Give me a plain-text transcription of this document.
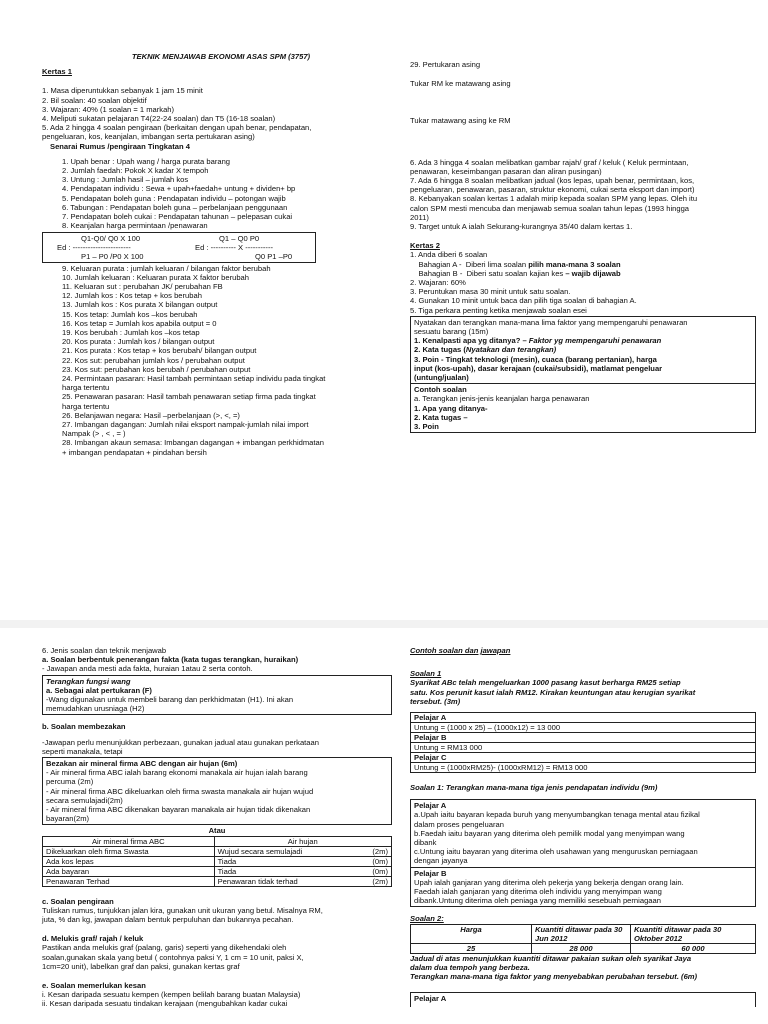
TEKNIK MENJAWAB EKONOMI ASAS SPM (3757)
Kertas 1
1. Masa diperuntukkan sebanyak 1 jam 15 minit
2. Bil soalan: 40 soalan objektif
3. Wajaran: 40% (1 soalan = 1 markah)
4. Meliputi sukatan pelajaran T4(22-24 soalan) dan T5 (16-18 soalan)
5. Ada 2 hingga 4 soalan pengiraan (berkaitan dengan upah benar, pendapatan,
pengeluaran, kos, keanjalan, imbangan serta pertukaran asing)
Senarai Rumus /pengiraan Tingkatan 4
1. Upah benar : Upah wang / harga purata barang
2. Jumlah faedah: Pokok X kadar X tempoh
3. Untung : Jumlah hasil – jumlah kos
4. Pendapatan individu : Sewa + upah+faedah+ untung + dividen+ bp
5. Pendapatan boleh guna : Pendapatan individu – potongan wajib
6. Tabungan : Pendapatan boleh guna – perbelanjaan penggunaan
7. Pendapatan boleh cukai : Pendapatan tahunan – pelepasan cukai
8. Keanjalan harga permintaan /penawaran
Q1-Q0/ Q0 X 100	Q1 – Q0 P0
Ed : -----------------------	Ed : ---------- X -----------
P1 – P0 /P0 X 100	Q0 P1 –P0
9. Keluaran purata : jumlah keluaran / bilangan faktor berubah
10. Jumlah keluaran : Keluaran purata X faktor berubah
11. Keluaran sut : perubahan JK/ perubahan FB
12. Jumlah kos : Kos tetap + kos berubah
13. Jumlah kos : Kos purata X bilangan output
15. Kos tetap: Jumlah kos –kos berubah
16. Kos tetap = Jumlah kos apabila output = 0
19. Kos berubah : Jumlah kos –kos tetap
20. Kos purata : Jumlah kos / bilangan output
21. Kos purata : Kos tetap + kos berubah/ bilangan output
22. Kos sut: perubahan jumlah kos / perubahan output
23. Kos sut: perubahan kos berubah / perubahan output
24. Permintaan pasaran: Hasil tambah permintaan setiap individu pada tingkat
harga tertentu
25. Penawaran pasaran: Hasil tambah penawaran setiap firma pada tingkat
harga tertentu
26. Belanjawan negara: Hasil –perbelanjaan (>, <, =)
27. Imbangan dagangan: Jumlah nilai eksport nampak-jumlah nilai import
Nampak (> , < , = )
28. Imbangan akaun semasa: Imbangan dagangan + imbangan perkhidmatan
+ imbangan pendapatan + pindahan bersih
29. Pertukaran asing
Tukar RM ke matawang asing
Tukar matawang asing ke RM
6. Ada 3 hingga 4 soalan melibatkan gambar rajah/ graf / keluk ( Keluk permintaan,
penawaran, keseimbangan pasaran dan aliran pusingan)
7. Ada 6 hingga 8 soalan melibatkan jadual (kos lepas, upah benar, permintaan, kos,
pengeluaran, penawaran, pasaran, struktur ekonomi, cukai serta eksport dan import)
8. Kebanyakan soalan kertas 1 adalah mirip kepada soalan SPM yang lepas. Oleh itu
calon SPM mesti mencuba dan menjawab semua soalan tahun lepas (1993 hingga
2011)
9. Target untuk A ialah Sekurang-kurangnya 35/40 dalam kertas 1.
Kertas 2
1. Anda diberi 6 soalan
Bahagian A -  Diberi lima soalan pilih mana-mana 3 soalan
Bahagian B -  Diberi satu soalan kajian kes – wajib dijawab
2. Wajaran: 60%
3. Peruntukan masa 30 minit untuk satu soalan.
4. Gunakan 10 minit untuk baca dan pilih tiga soalan di bahagian A.
5. Tiga perkara penting ketika menjawab soalan esei
Nyatakan dan terangkan mana-mana lima faktor yang mempengaruhi penawaran
sesuatu barang (15m)
1. Kenalpasti apa yg ditanya? – Faktor yg mempengaruhi penawaran
2. Kata tugas (Nyatakan dan terangkan)
3. Poin - Tingkat teknologi (mesin), cuaca (barang pertanian), harga
input (kos-upah), dasar kerajaan (cukai/subsidi), matlamat pengeluar
(untung/jualan)
Contoh soalan
a. Terangkan jenis-jenis keanjalan harga penawaran
1. Apa yang ditanya-
2. Kata tugas –
3. Poin
6. Jenis soalan dan teknik menjawab
a. Soalan berbentuk penerangan fakta (kata tugas terangkan, huraikan)
- Jawapan anda mesti ada fakta, huraian 1atau 2 serta contoh.
Terangkan fungsi wang
a. Sebagai alat pertukaran (F)
-Wang digunakan untuk membeli barang dan perkhidmatan (H1). Ini akan
memudahkan urusniaga (H2)
b. Soalan membezakan
-Jawapan perlu menunjukkan perbezaan, gunakan jadual atau gunakan perkataan
seperti manakala, tetapi
Bezakan air mineral firma ABC dengan air hujan (6m)
- Air mineral firma ABC ialah barang ekonomi manakala air hujan ialah barang
percuma (2m)
- Air mineral firma ABC dikeluarkan oleh firma swasta manakala air hujan wujud
secara semulajadi(2m)
- Air mineral firma ABC dikenakan bayaran manakala air hujan tidak dikenakan
bayaran(2m)
Atau
Air mineral firma ABC	Air hujan	
Dikeluarkan oleh firma Swasta	Wujud secara semulajadi	(2m)
Ada kos lepas	Tiada	(0m)
Ada bayaran	Tiada	(0m)
Penawaran Terhad	Penawaran tidak terhad	(2m)
c. Soalan pengiraan
Tuliskan rumus, tunjukkan jalan kira, gunakan unit ukuran yang betul. Misalnya RM,
juta, % dan kg, jawapan dalam bentuk perpuluhan dan bukannya pecahan.
d. Melukis graf/ rajah / keluk
Pastikan anda melukis graf (palang, garis) seperti yang dikehendaki oleh
soalan,gunakan skala yang betul ( contohnya paksi Y, 1 cm = 10 unit, paksi X,
1cm=20 unit), labelkan graf dan paksi, gunakan kertas graf
e. Soalan memerlukan kesan
i. Kesan daripada sesuatu kempen (kempen belilah barang buatan Malaysia)
ii. Kesan daripada sesuatu tindakan kerajaan (mengubahkan kadar cukai
Contoh soalan dan jawapan
Soalan 1
Syarikat ABc telah mengeluarkan 1000 pasang kasut berharga RM25 setiap
satu. Kos perunit kasut ialah RM12. Kirakan keuntungan atau kerugian syarikat
tersebut. (3m)
Pelajar A
Untung = (1000 x 25) – (1000x12) = 13 000
Pelajar B
Untung = RM13 000
Pelajar C
Untung = (1000xRM25)- (1000xRM12) = RM13 000
Soalan 1: Terangkan mana-mana tiga jenis pendapatan individu (9m)
Pelajar A
a.Upah iaitu bayaran kepada buruh yang menyumbangkan tenaga mental atau fizikal
dalam proses pengeluaran
b.Faedah iaitu bayaran yang diterima oleh pemilik modal yang menyimpan wang
dibank
c.Untung iaitu bayaran yang diterima oleh usahawan yang menguruskan perniagaan
dengan jayanya
Pelajar B
Upah ialah ganjaran yang diterima oleh pekerja yang bekerja dengan orang lain.
Faedah ialah ganjaran yang diterima oleh individu yang menyimpan wang
dibank.Untung diterima oleh peniaga yang memiliki sesebuah perniagaan
Soalan 2:
Harga	Kuantiti ditawar pada 30 Jun 2012	Kuantiti ditawar pada 30 Oktober 2012
25	28 000	60 000
Jadual di atas menunjukkan kuantiti ditawar pakaian sukan oleh syarikat Jaya
dalam dua tempoh yang berbeza.
Terangkan mana-mana tiga faktor yang menyebabkan perubahan tersebut. (6m)
Pelajar A
